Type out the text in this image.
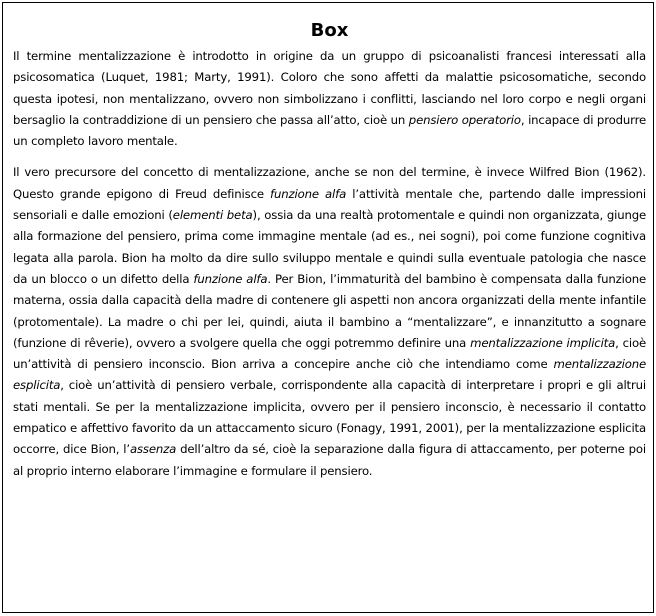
Box

Il termine mentalizzazione è introdotto in origine da un gruppo di psicoanalisti francesi interessati alla psicosomatica (Luquet, 1981; Marty, 1991). Coloro che sono affetti da malattie psicosomatiche, secondo questa ipotesi, non mentalizzano, ovvero non simbolizzano i conflitti, lasciando nel loro corpo e negli organi bersaglio la contraddizione di un pensiero che passa all’atto, cioè un pensiero operatorio, incapace di produrre un completo lavoro mentale.

Il vero precursore del concetto di mentalizzazione, anche se non del termine, è invece Wilfred Bion (1962). Questo grande epigono di Freud definisce funzione alfa l’attività mentale che, partendo dalle impressioni sensoriali e dalle emozioni (elementi beta), ossia da una realtà protomentale e quindi non organizzata, giunge alla formazione del pensiero, prima come immagine mentale (ad es., nei sogni), poi come funzione cognitiva legata alla parola. Bion ha molto da dire sullo sviluppo mentale e quindi sulla eventuale patologia che nasce da un blocco o un difetto della funzione alfa. Per Bion, l’immaturità del bambino è compensata dalla funzione materna, ossia dalla capacità della madre di contenere gli aspetti non ancora organizzati della mente infantile (protomentale). La madre o chi per lei, quindi, aiuta il bambino a “mentalizzare”, e innanzitutto a sognare (funzione di rêverie), ovvero a svolgere quella che oggi potremmo definire una mentalizzazione implicita, cioè un’attività di pensiero inconscio. Bion arriva a concepire anche ciò che intendiamo come mentalizzazione esplicita, cioè un’attività di pensiero verbale, corrispondente alla capacità di interpretare i propri e gli altrui stati mentali. Se per la mentalizzazione implicita, ovvero per il pensiero inconscio, è necessario il contatto empatico e affettivo favorito da un attaccamento sicuro (Fonagy, 1991, 2001), per la mentalizzazione esplicita occorre, dice Bion, l’assenza dell’altro da sé, cioè la separazione dalla figura di attaccamento, per poterne poi al proprio interno elaborare l’immagine e formulare il pensiero.
